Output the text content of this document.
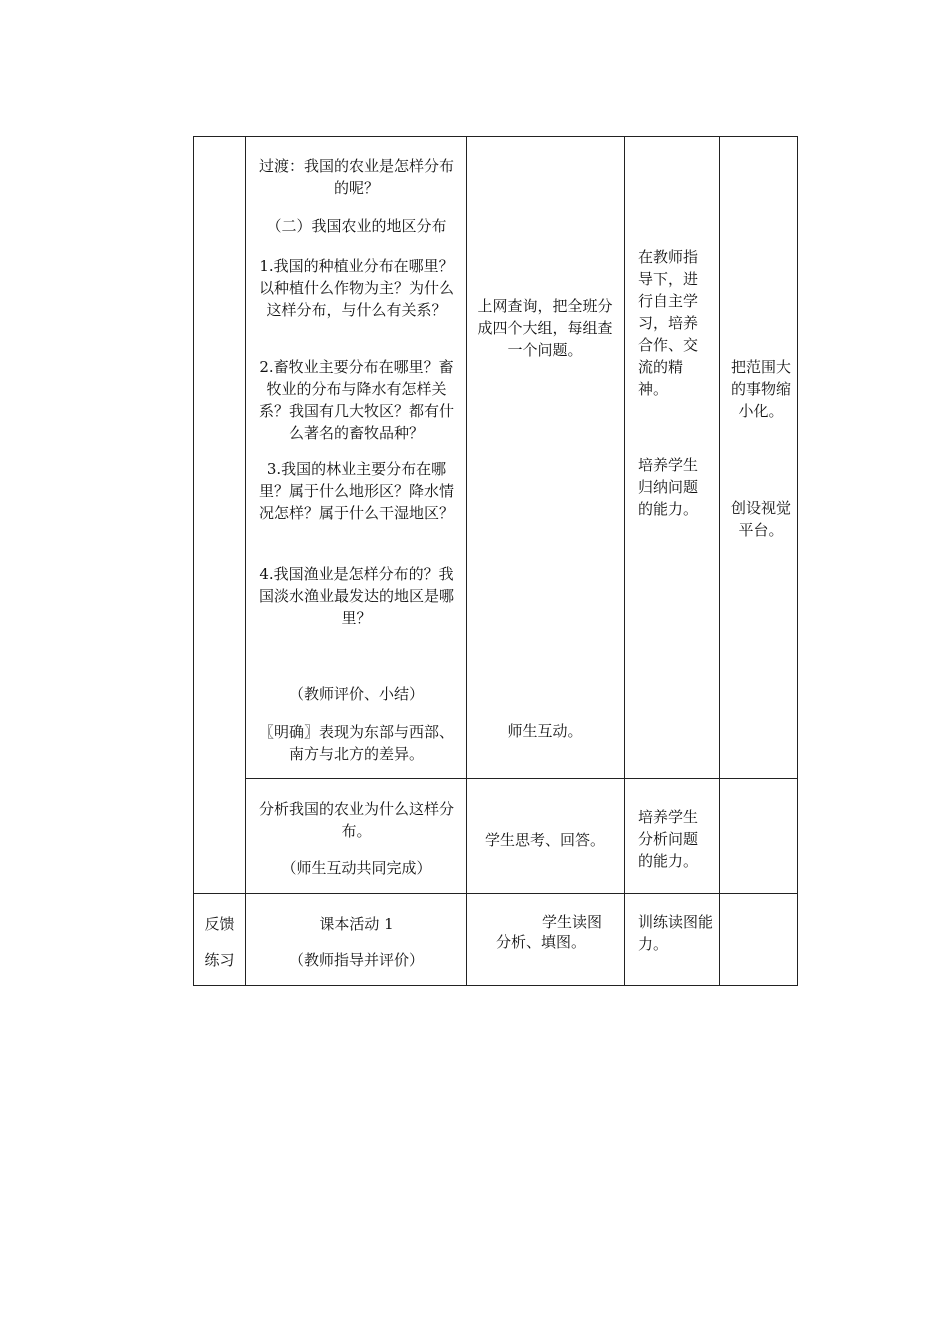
过渡：我国的农业是怎样分布的呢？
（二）我国农业的地区分布
1.我国的种植业分布在哪里？以种植什么作物为主？为什么这样分布，与什么有关系？
2.畜牧业主要分布在哪里？畜牧业的分布与降水有怎样关系？我国有几大牧区？都有什么著名的畜牧品种？
3.我国的林业主要分布在哪里？属于什么地形区？降水情况怎样？属于什么干湿地区？
4.我国渔业是怎样分布的？我国淡水渔业最发达的地区是哪里？
（教师评价、小结）
〖明确〗表现为东部与西部、南方与北方的差异。
上网查询，把全班分成四个大组，每组查一个问题。
师生互动。
在教师指导下，进行自主学习，培养合作、交流的精神。
培养学生归纳问题的能力。
把范围大的事物缩小化。
创设视觉平台。
分析我国的农业为什么这样分布。
（师生互动共同完成）
学生思考、回答。
培养学生分析问题的能力。
反馈
练习
课本活动 1
（教师指导并评价）
学生读图
分析、填图。
训练读图能力。
